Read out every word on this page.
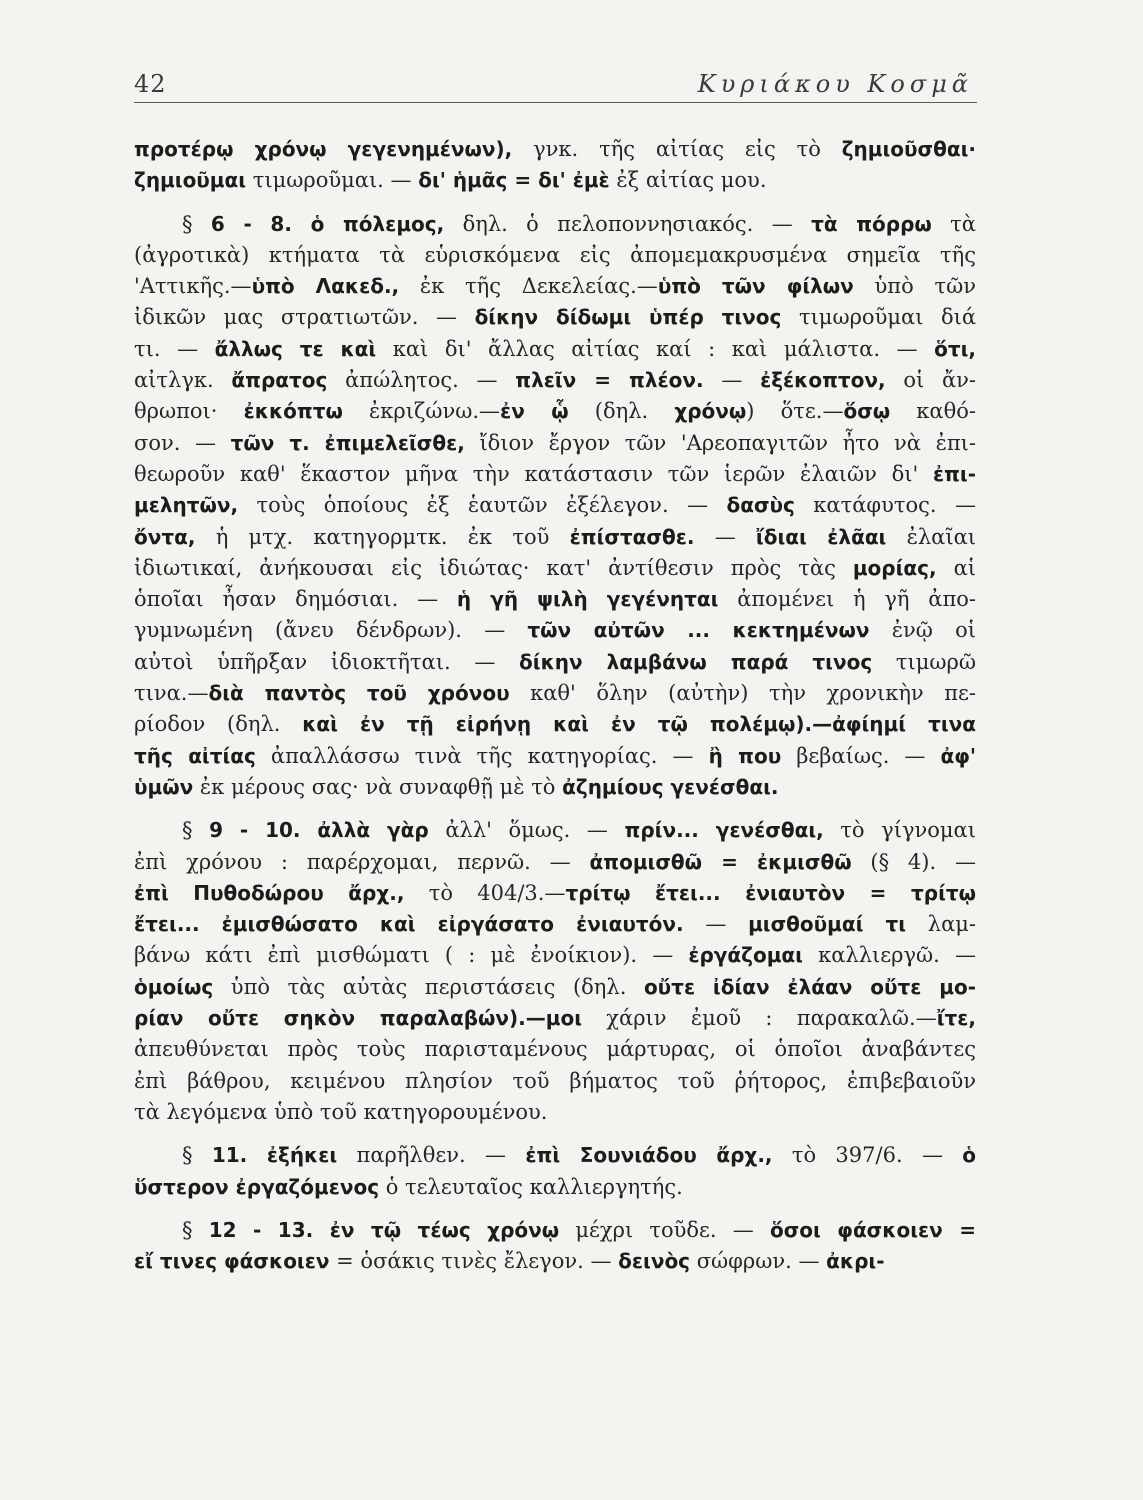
42	Κυριάκου Κοσμᾶ
προτέρῳ χρόνῳ γεγενημένων), γνκ. τῆς αἰτίας εἰς τὸ ζημιοῦσθαι·
ζημιοῦμαι τιμωροῦμαι. — δι' ἡμᾶς = δι' ἐμὲ ἐξ αἰτίας μου.
§ 6 - 8. ὁ πόλεμος, δηλ. ὁ πελοποννησιακός. — τὰ πόρρω τὰ
(ἀγροτικὰ) κτήματα τὰ εὑρισκόμενα εἰς ἀπομεμακρυσμένα σημεῖα τῆς
'Αττικῆς.—ὑπὸ Λακεδ., ἐκ τῆς Δεκελείας.—ὑπὸ τῶν φίλων ὑπὸ τῶν
ἰδικῶν μας στρατιωτῶν. — δίκην δίδωμι ὑπέρ τινος τιμωροῦμαι διά
τι. — ἄλλως τε καὶ καὶ δι' ἄλλας αἰτίας καί : καὶ μάλιστα. — ὅτι,
αἰτλγκ. ἄπρατος ἀπώλητος. — πλεῖν = πλέον. — ἐξέκοπτον, οἱ ἄν-
θρωποι· ἐκκόπτω ἐκριζώνω.—ἐν ᾧ (δηλ. χρόνῳ) ὅτε.—ὅσῳ καθό-
σον. — τῶν τ. ἐπιμελεῖσθε, ἴδιον ἔργον τῶν 'Αρεοπαγιτῶν ἦτο νὰ ἐπι-
θεωροῦν καθ' ἕκαστον μῆνα τὴν κατάστασιν τῶν ἱερῶν ἐλαιῶν δι' ἐπι-
μελητῶν, τοὺς ὁποίους ἐξ ἑαυτῶν ἐξέλεγον. — δασὺς κατάφυτος. —
ὄντα, ἡ μτχ. κατηγορμτκ. ἐκ τοῦ ἐπίστασθε. — ἴδιαι ἐλᾶαι ἐλαῖαι
ἰδιωτικαί, ἀνήκουσαι εἰς ἰδιώτας· κατ' ἀντίθεσιν πρὸς τὰς μορίας, αἱ
ὁποῖαι ἦσαν δημόσιαι. — ἡ γῆ ψιλὴ γεγένηται ἀπομένει ἡ γῆ ἀπο-
γυμνωμένη (ἄνευ δένδρων). — τῶν αὐτῶν ... κεκτημένων ἐνῷ οἱ
αὐτοὶ ὑπῆρξαν ἰδιοκτῆται. — δίκην λαμβάνω παρά τινος τιμωρῶ
τινα.—διὰ παντὸς τοῦ χρόνου καθ' ὅλην (αὐτὴν) τὴν χρονικὴν πε-
ρίοδον (δηλ. καὶ ἐν τῇ εἰρήνῃ καὶ ἐν τῷ πολέμῳ).—ἀφίημί τινα
τῆς αἰτίας ἀπαλλάσσω τινὰ τῆς κατηγορίας. — ἢ που βεβαίως. — ἀφ'
ὑμῶν ἐκ μέρους σας· νὰ συναφθῇ μὲ τὸ ἀζημίους γενέσθαι.
§ 9 - 10. ἀλλὰ γὰρ ἀλλ' ὅμως. — πρίν... γενέσθαι, τὸ γίγνομαι
ἐπὶ χρόνου : παρέρχομαι, περνῶ. — ἀπομισθῶ = ἐκμισθῶ (§ 4). —
ἐπὶ Πυθοδώρου ἄρχ., τὸ 404/3.—τρίτῳ ἔτει... ἐνιαυτὸν = τρίτῳ
ἔτει... ἐμισθώσατο καὶ εἰργάσατο ἐνιαυτόν. — μισθοῦμαί τι λαμ-
βάνω κάτι ἐπὶ μισθώματι ( : μὲ ἐνοίκιον). — ἐργάζομαι καλλιεργῶ. —
ὁμοίως ὑπὸ τὰς αὐτὰς περιστάσεις (δηλ. οὔτε ἰδίαν ἐλάαν οὔτε μο-
ρίαν οὔτε σηκὸν παραλαβών).—μοι χάριν ἐμοῦ : παρακαλῶ.—ἴτε,
ἀπευθύνεται πρὸς τοὺς παρισταμένους μάρτυρας, οἱ ὁποῖοι ἀναβάντες
ἐπὶ βάθρου, κειμένου πλησίον τοῦ βήματος τοῦ ῥήτορος, ἐπιβεβαιοῦν
τὰ λεγόμενα ὑπὸ τοῦ κατηγορουμένου.
§ 11. ἐξήκει παρῆλθεν. — ἐπὶ Σουνιάδου ἄρχ., τὸ 397/6. — ὁ
ὕστερον ἐργαζόμενος ὁ τελευταῖος καλλιεργητής.
§ 12 - 13. ἐν τῷ τέως χρόνῳ μέχρι τοῦδε. — ὅσοι φάσκοιεν =
εἴ τινες φάσκοιεν = ὁσάκις τινὲς ἔλεγον. — δεινὸς σώφρων. — ἀκρι-
